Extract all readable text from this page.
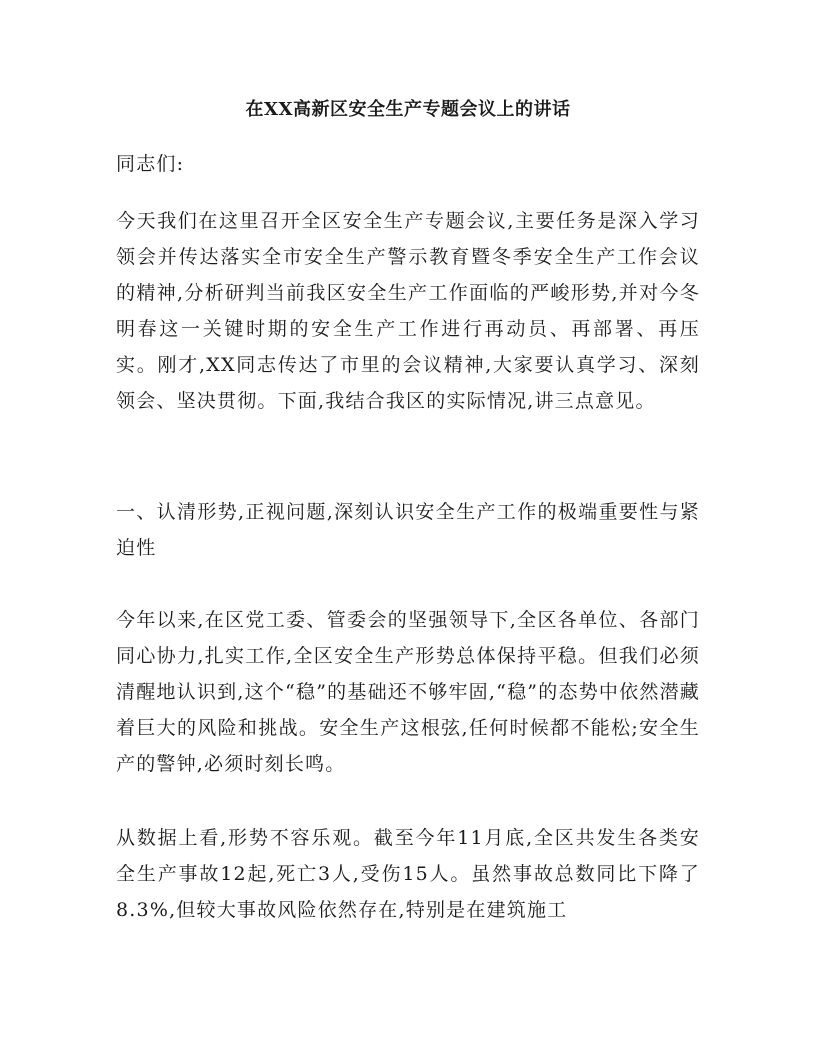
在XX高新区安全生产专题会议上的讲话

同志们:

今天我们在这里召开全区安全生产专题会议,主要任务是深入学习领会并传达落实全市安全生产警示教育暨冬季安全生产工作会议的精神,分析研判当前我区安全生产工作面临的严峻形势,并对今冬明春这一关键时期的安全生产工作进行再动员、再部署、再压实。刚才,XX同志传达了市里的会议精神,大家要认真学习、深刻领会、坚决贯彻。下面,我结合我区的实际情况,讲三点意见。

一、认清形势,正视问题,深刻认识安全生产工作的极端重要性与紧迫性

今年以来,在区党工委、管委会的坚强领导下,全区各单位、各部门同心协力,扎实工作,全区安全生产形势总体保持平稳。但我们必须清醒地认识到,这个“稳”的基础还不够牢固,“稳”的态势中依然潜藏着巨大的风险和挑战。安全生产这根弦,任何时候都不能松;安全生产的警钟,必须时刻长鸣。

从数据上看,形势不容乐观。截至今年11月底,全区共发生各类安全生产事故12起,死亡3人,受伤15人。虽然事故总数同比下降了8.3%,但较大事故风险依然存在,特别是在建筑施工
